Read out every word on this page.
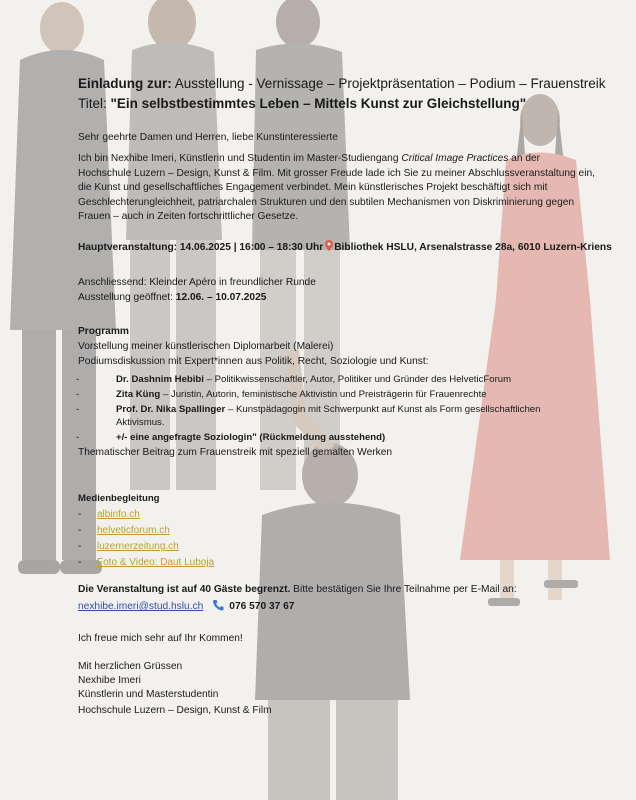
Einladung zur: Ausstellung - Vernissage – Projektpräsentation – Podium – Frauenstreik
Titel: "Ein selbstbestimmtes Leben – Mittels Kunst zur Gleichstellung"
Sehr geehrte Damen und Herren, liebe Kunstinteressierte
Ich bin Nexhibe Imeri, Künstlerin und Studentin im Master-Studiengang Critical Image Practices an der
Hochschule Luzern – Design, Kunst & Film. Mit grosser Freude lade ich Sie zu meiner Abschlussveranstaltung ein,
die Kunst und gesellschaftliches Engagement verbindet. Mein künstlerisches Projekt beschäftigt sich mit
Geschlechterungleichheit, patriarchalen Strukturen und den subtilen Mechanismen von Diskriminierung gegen
Frauen – auch in Zeiten fortschrittlicher Gesetze.
Hauptveranstaltung: 14.06.2025 | 16:00 – 18:30 Uhr Bibliothek HSLU, Arsenalstrasse 28a, 6010 Luzern-Kriens
Anschliessend: Kleinder Apéro in freundlicher Runde
Ausstellung geöffnet: 12.06. – 10.07.2025
Programm
Vorstellung meiner künstlerischen Diplomarbeit (Malerei)
Podiumsdiskussion mit Expert*innen aus Politik, Recht, Soziologie und Kunst:
-	Dr. Dashnim Hebibi – Politikwissenschaftler, Autor, Politiker und Gründer des HelveticForum
-	Zita Küng – Juristin, Autorin, feministische Aktivistin und Preisträgerin für Frauenrechte
-	Prof. Dr. Nika Spallinger – Kunstpädagogin mit Schwerpunkt auf Kunst als Form gesellschaftlichen
Aktivismus.
-	+/- eine angefragte Soziologin" (Rückmeldung ausstehend)
Thematischer Beitrag zum Frauenstreik mit speziell gemalten Werken
Medienbegleitung
- albinfo.ch
- helveticforum.ch
- luzernerzeitung.ch
- Foto & Video: Daut Luboja
Die Veranstaltung ist auf 40 Gäste begrenzt. Bitte bestätigen Sie Ihre Teilnahme per E-Mail an:
nexhibe.imeri@stud.hslu.ch	076 570 37 67
Ich freue mich sehr auf Ihr Kommen!
Mit herzlichen Grüssen
Nexhibe Imeri
Künstlerin und Masterstudentin
Hochschule Luzern – Design, Kunst & Film
